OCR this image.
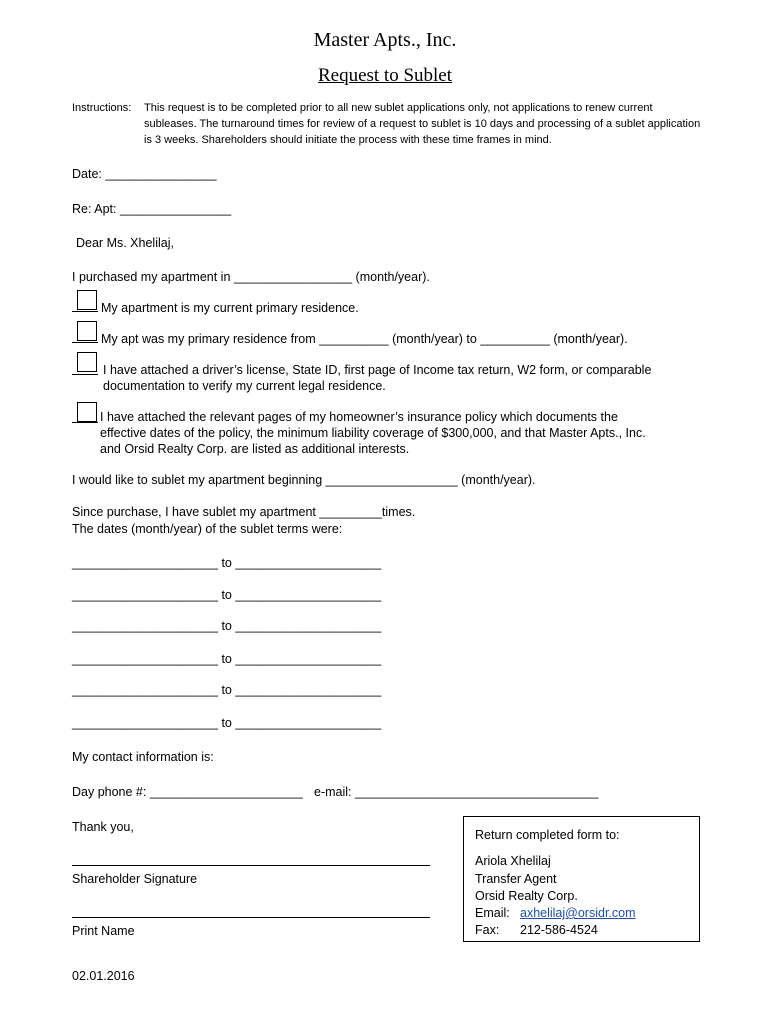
Master Apts., Inc.
Request to Sublet
Instructions: This request is to be completed prior to all new sublet applications only, not applications to renew current subleases. The turnaround times for review of a request to sublet is 10 days and processing of a sublet application is 3 weeks. Shareholders should initiate the process with these time frames in mind.
Date: ________________
Re: Apt: ________________
Dear Ms. Xhelilaj,
I purchased my apartment in _________________ (month/year).
My apartment is my current primary residence.
My apt was my primary residence from __________ (month/year) to __________ (month/year).
I have attached a driver’s license, State ID, first page of Income tax return, W2 form, or comparable
documentation to verify my current legal residence.
I have attached the relevant pages of my homeowner’s insurance policy which documents the
effective dates of the policy, the minimum liability coverage of $300,000, and that Master Apts., Inc.
and Orsid Realty Corp. are listed as additional interests.
I would like to sublet my apartment beginning ___________________ (month/year).
Since purchase, I have sublet my apartment _________times.
The dates (month/year) of the sublet terms were:
_____________________ to _____________________
_____________________ to _____________________
_____________________ to _____________________
_____________________ to _____________________
_____________________ to _____________________
_____________________ to _____________________
My contact information is:
Day phone #: ______________________ e-mail: ___________________________________
Thank you,
Shareholder Signature
Print Name
02.01.2016
Return completed form to:
Ariola Xhelilaj
Transfer Agent
Orsid Realty Corp.
Email: axhelilaj@orsidr.com
Fax: 212-586-4524
